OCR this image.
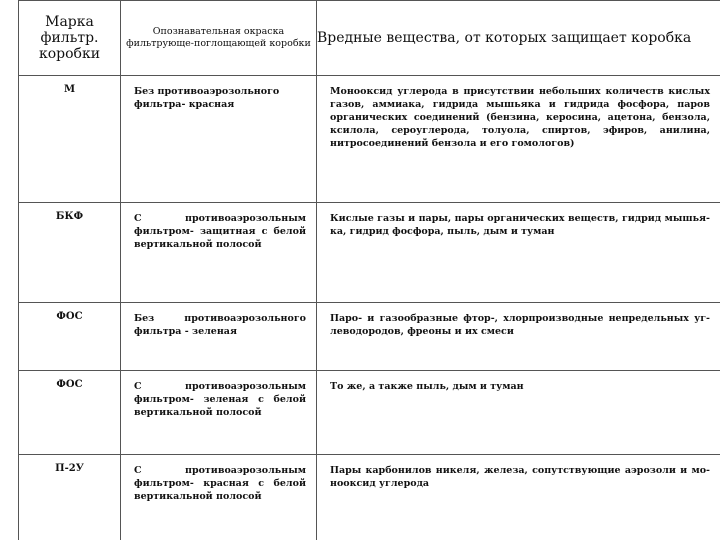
Марка фильтр. коробки	Опознавательная окраска фильтрующе-поглощающей коробки	Вредные вещества, от которых защищает коробка
М	Без противоаэрозольного фильтра- красная	Монооксид углерода в присутствии небольших количеств кислых газов, аммиака, гидрида мышьяка и гидрида фосфора, паров органических соединений (бензина, керосина, ацетона, бензола, ксилола, сероуглерода, толуола, спиртов, эфиров, анилина, нитросоединений бензола и его гомологов)
БКФ	С противоаэрозольным фильтром- защитная с белой вертикальной полосой	Кислые газы и пары, пары органических веществ, гидрид мышья-ка, гидрид фосфора, пыль, дым и туман
ФОС	Без противоаэрозольного фильтра - зеленая	Паро- и газообразные фтор-, хлорпроизводные непредельных уг-леводородов, фреоны и их смеси
ФОС	С противоаэрозольным фильтром- зеленая с белой вертикальной полосой	То же, а также пыль, дым и туман
П-2У	С противоаэрозольным фильтром- красная с белой вертикальной полосой	Пары карбонилов никеля, железа, сопутствующие аэрозоли и мо-нооксид углерода
